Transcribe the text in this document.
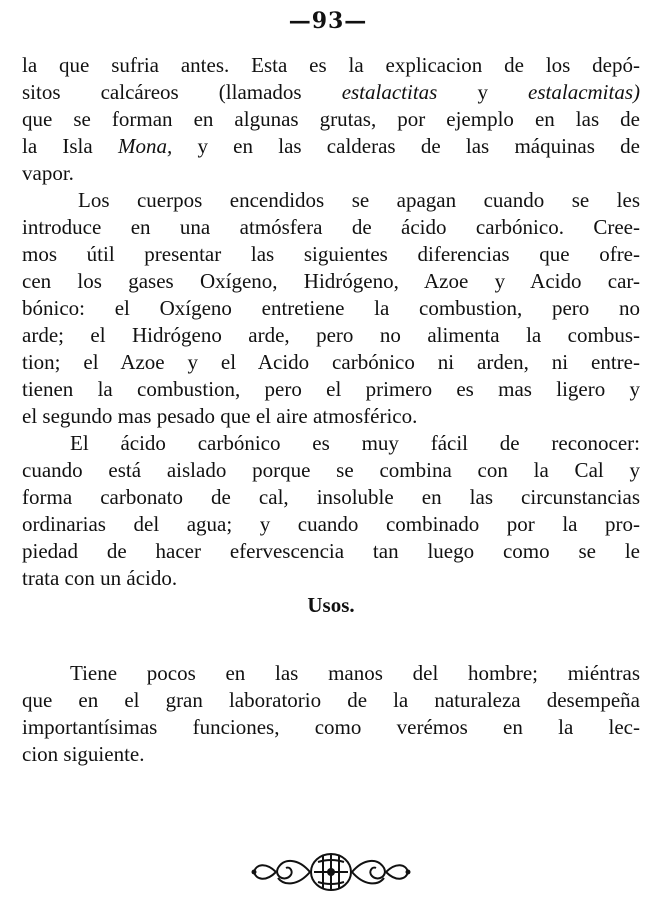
—93—
la que sufria antes. Esta es la explicacion de los depó-
sitos calcáreos (llamados estalactitas y estalacmitas)
que se forman en algunas grutas, por ejemplo en las de
la Isla Mona, y en las calderas de las máquinas de
vapor.
Los cuerpos encendidos se apagan cuando se les
introduce en una atmósfera de ácido carbónico. Cree-
mos útil presentar las siguientes diferencias que ofre-
cen los gases Oxígeno, Hidrógeno, Azoe y Acido car-
bónico: el Oxígeno entretiene la combustion, pero no
arde; el Hidrógeno arde, pero no alimenta la combus-
tion; el Azoe y el Acido carbónico ni arden, ni entre-
tienen la combustion, pero el primero es mas ligero y
el segundo mas pesado que el aire atmosférico.
El ácido carbónico es muy fácil de reconocer:
cuando está aislado porque se combina con la Cal y
forma carbonato de cal, insoluble en las circunstancias
ordinarias del agua; y cuando combinado por la pro-
piedad de hacer efervescencia tan luego como se le
trata con un ácido.
Usos.
Tiene pocos en las manos del hombre; miéntras
que en el gran laboratorio de la naturaleza desempeña
importantísimas funciones, como verémos en la lec-
cion siguiente.
